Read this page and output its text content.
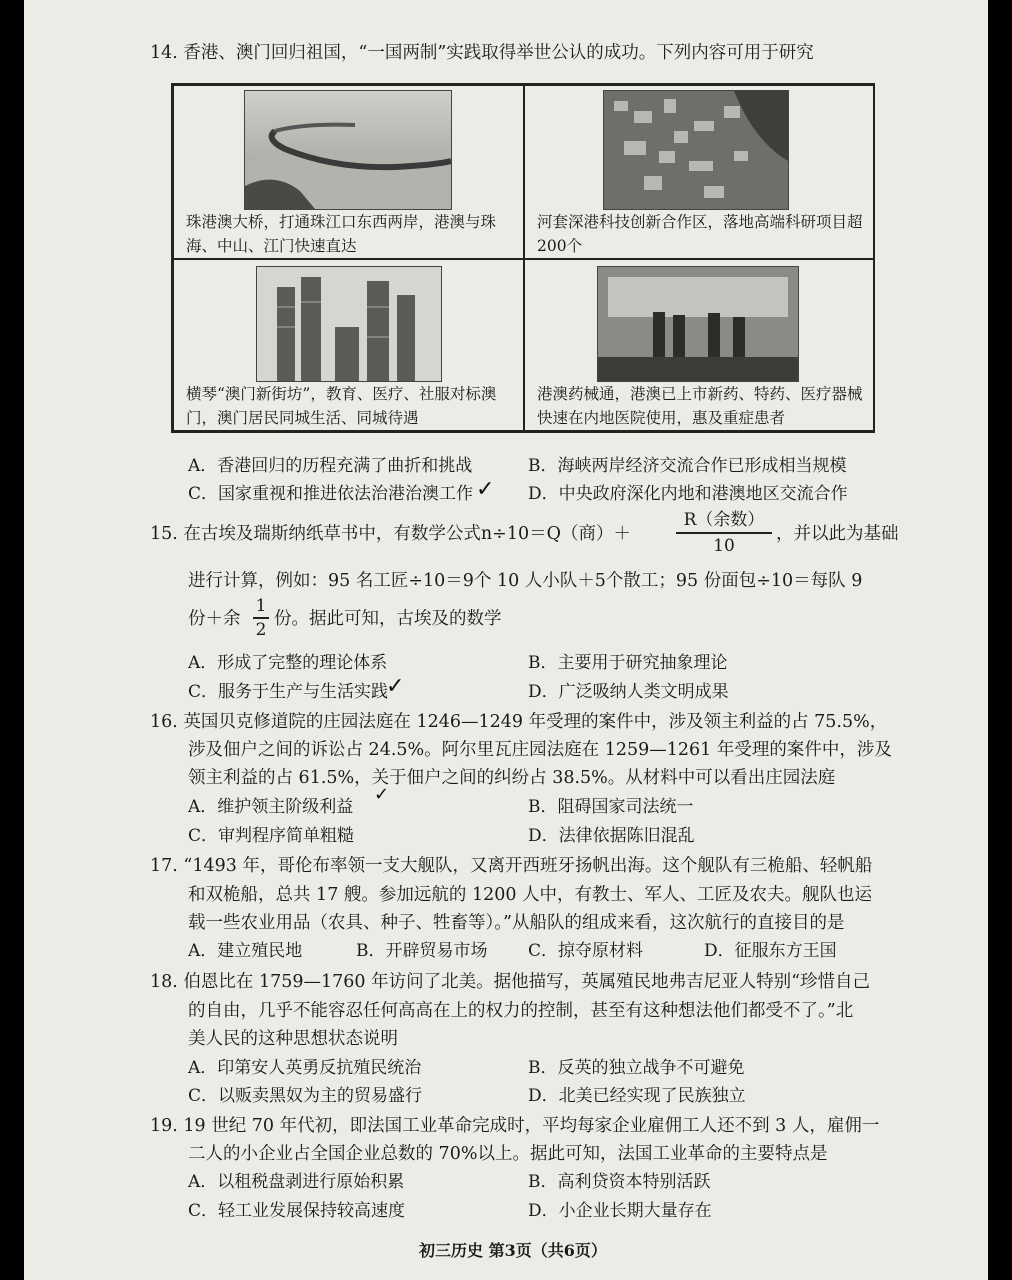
14. 香港、澳门回归祖国，“一国两制”实践取得举世公认的成功。下列内容可用于研究
珠港澳大桥，打通珠江口东西两岸，港澳与珠海、中山、江门快速直达
河套深港科技创新合作区，落地高端科研项目超200个
横琴“澳门新街坊”，教育、医疗、社服对标澳门，澳门居民同城生活、同城待遇
港澳药械通，港澳已上市新药、特药、医疗器械快速在内地医院使用，惠及重症患者
A．香港回归的历程充满了曲折和挑战	B．海峡两岸经济交流合作已形成相当规模
C．国家重视和推进依法治港治澳工作 ✓ D．中央政府深化内地和港澳地区交流合作
15. 在古埃及瑞斯纳纸草书中，有数学公式n÷10＝Q（商）＋
R（余数）
10
，并以此为基础
进行计算，例如：95 名工匠÷10＝9个 10 人小队＋5个散工；95 份面包÷10＝每队 9
份＋余
1
2
份。据此可知，古埃及的数学
A．形成了完整的理论体系	B．主要用于研究抽象理论
C．服务于生产与生活实践
✓	D．广泛吸纳人类文明成果
16. 英国贝克修道院的庄园法庭在 1246—1249 年受理的案件中，涉及领主利益的占 75.5%，
涉及佃户之间的诉讼占 24.5%。阿尔里瓦庄园法庭在 1259—1261 年受理的案件中，涉及
领主利益的占 61.5%，关于佃户之间的纠纷占 38.5%。从材料中可以看出庄园法庭
A．维护领主阶级利益
✓
B．阻碍国家司法统一
C．审判程序简单粗糙	D．法律依据陈旧混乱
17. “1493 年，哥伦布率领一支大舰队，又离开西班牙扬帆出海。这个舰队有三桅船、轻帆船
和双桅船，总共 17 艘。参加远航的 1200 人中，有教士、军人、工匠及农夫。舰队也运
载一些农业用品（农具、种子、牲畜等）。”从船队的组成来看，这次航行的直接目的是
A．建立殖民地	B．开辟贸易市场 C．掠夺原材料	D．征服东方王国
18. 伯恩比在 1759—1760 年访问了北美。据他描写，英属殖民地弗吉尼亚人特别“珍惜自己
的自由，几乎不能容忍任何高高在上的权力的控制，甚至有这种想法他们都受不了。”北
美人民的这种思想状态说明
A．印第安人英勇反抗殖民统治	B．反英的独立战争不可避免
C．以贩卖黑奴为主的贸易盛行	D．北美已经实现了民族独立
19. 19 世纪 70 年代初，即法国工业革命完成时，平均每家企业雇佣工人还不到 3 人，雇佣一
二人的小企业占全国企业总数的 70%以上。据此可知，法国工业革命的主要特点是
A．以租税盘剥进行原始积累	B．高利贷资本特别活跃
C．轻工业发展保持较高速度	D．小企业长期大量存在
初三历史 第3页（共6页）
